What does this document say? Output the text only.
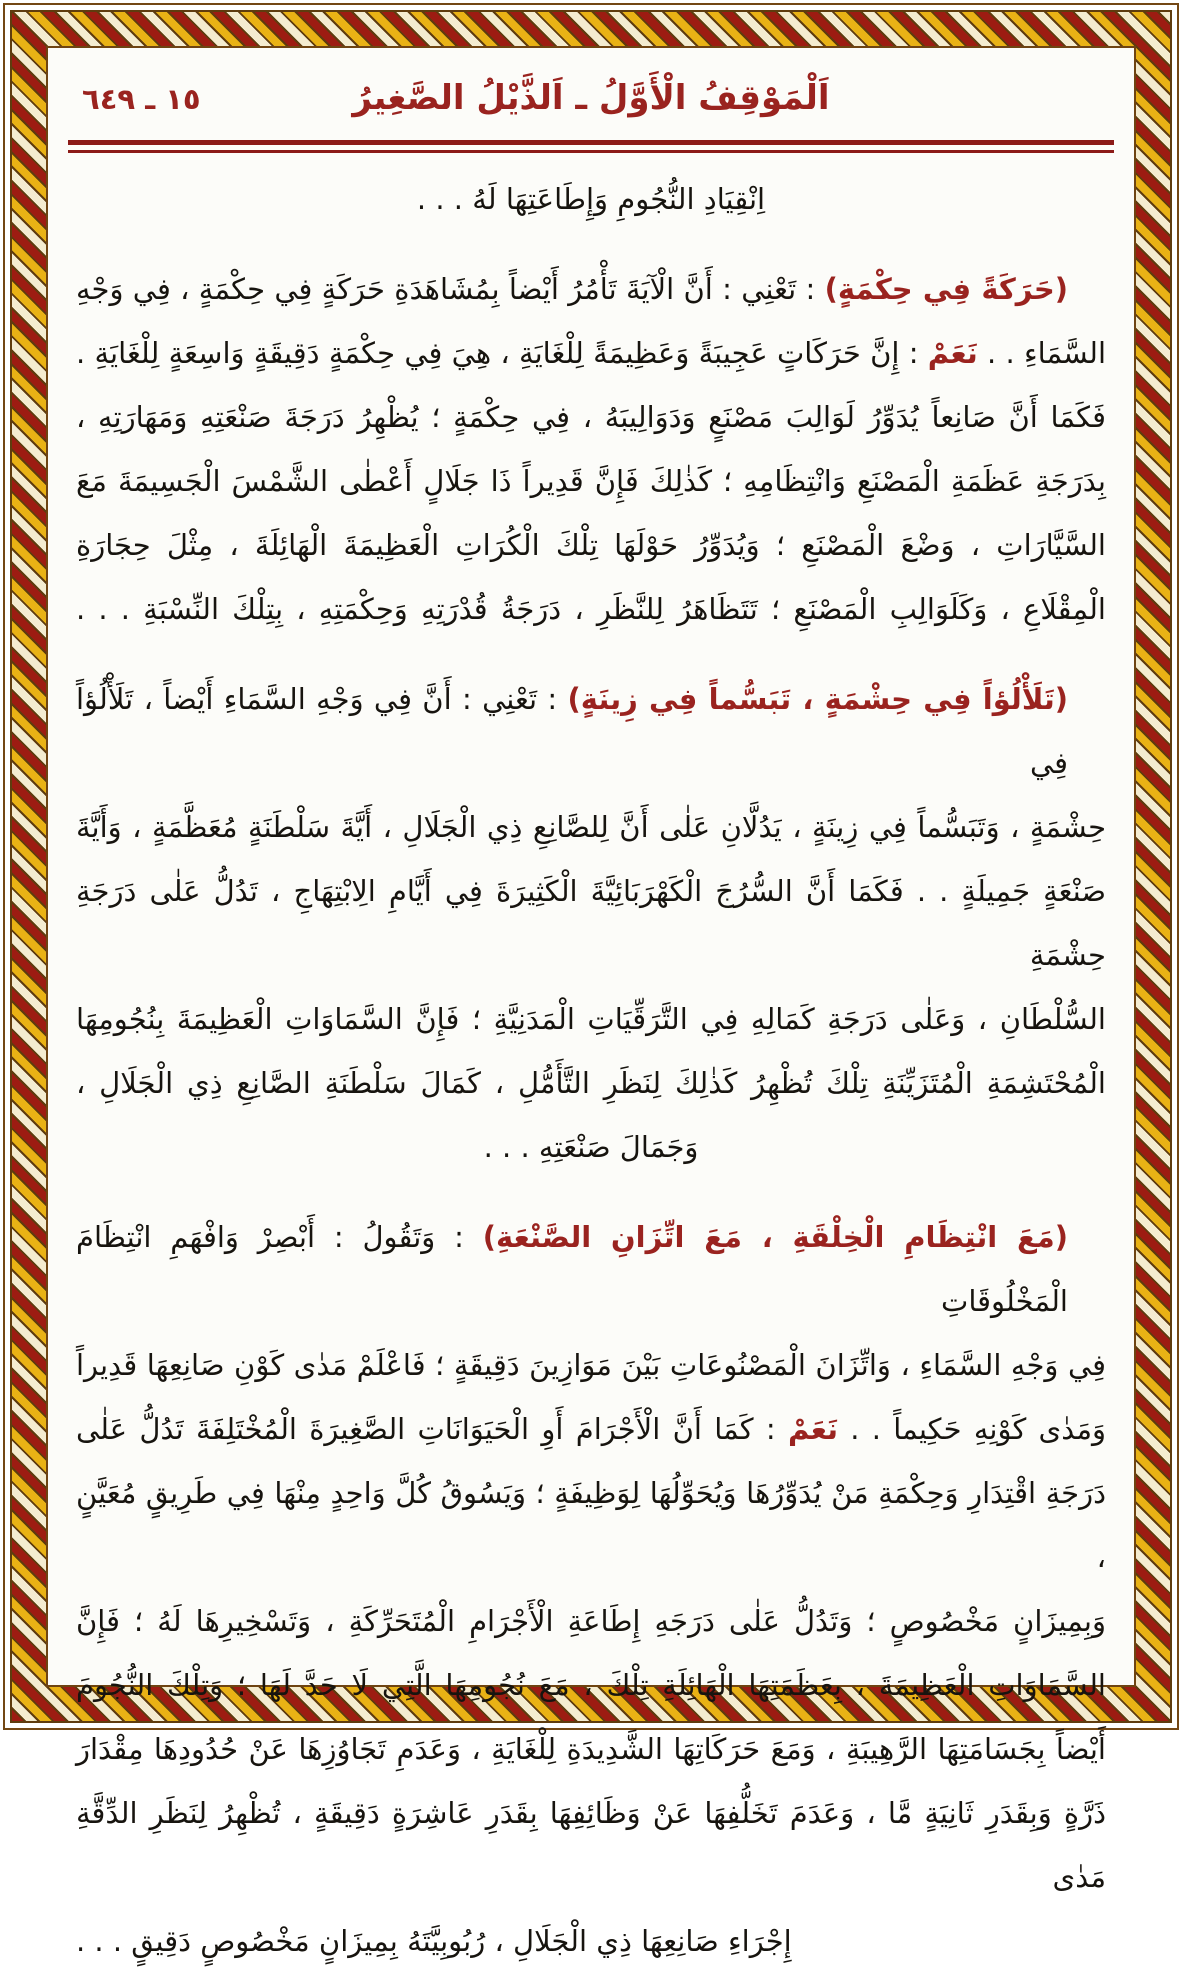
١٥ ـ ٦٤٩	اَلْمَوْقِفُ الْأَوَّلُ ـ اَلذَّيْلُ الصَّغِيرُ
اِنْقِيَادِ النُّجُومِ وَإِطَاعَتِهَا لَهُ . . .
(حَرَكَةً فِي حِكْمَةٍ) : تَعْنِي : أَنَّ الْآيَةَ تَأْمُرُ أَيْضاً بِمُشَاهَدَةِ حَرَكَةٍ فِي حِكْمَةٍ ، فِي وَجْهِ
السَّمَاءِ . . نَعَمْ : إِنَّ حَرَكَاتٍ عَجِيبَةً وَعَظِيمَةً لِلْغَايَةِ ، هِيَ فِي حِكْمَةٍ دَقِيقَةٍ وَاسِعَةٍ لِلْغَايَةِ .
فَكَمَا أَنَّ صَانِعاً يُدَوِّرُ لَوَالِبَ مَصْنَعٍ وَدَوَالِيبَهُ ، فِي حِكْمَةٍ ؛ يُظْهِرُ دَرَجَةَ صَنْعَتِهِ وَمَهَارَتِهِ ،
بِدَرَجَةِ عَظَمَةِ الْمَصْنَعِ وَانْتِظَامِهِ ؛ كَذٰلِكَ فَإِنَّ قَدِيراً ذَا جَلَالٍ أَعْطٰى الشَّمْسَ الْجَسِيمَةَ مَعَ
السَّيَّارَاتِ ، وَضْعَ الْمَصْنَعِ ؛ وَيُدَوِّرُ حَوْلَهَا تِلْكَ الْكُرَاتِ الْعَظِيمَةَ الْهَائِلَةَ ، مِثْلَ حِجَارَةِ
الْمِقْلَاعِ ، وَكَلَوَالِبِ الْمَصْنَعِ ؛ تَتَظَاهَرُ لِلنَّظَرِ ، دَرَجَةُ قُدْرَتِهِ وَحِكْمَتِهِ ، بِتِلْكَ النِّسْبَةِ . . .
(تَلَأْلُؤاً فِي حِشْمَةٍ ، تَبَسُّماً فِي زِينَةٍ) : تَعْنِي : أَنَّ فِي وَجْهِ السَّمَاءِ أَيْضاً ، تَلَأْلُؤاً فِي
حِشْمَةٍ ، وَتَبَسُّماً فِي زِينَةٍ ، يَدُلَّانِ عَلٰى أَنَّ لِلصَّانِعِ ذِي الْجَلَالِ ، أَيَّةَ سَلْطَنَةٍ مُعَظَّمَةٍ ، وَأَيَّةَ
صَنْعَةٍ جَمِيلَةٍ . . فَكَمَا أَنَّ السُّرُجَ الْكَهْرَبَائِيَّةَ الْكَثِيرَةَ فِي أَيَّامِ الِابْتِهَاجِ ، تَدُلُّ عَلٰى دَرَجَةِ حِشْمَةِ
السُّلْطَانِ ، وَعَلٰى دَرَجَةِ كَمَالِهِ فِي التَّرَقِّيَاتِ الْمَدَنِيَّةِ ؛ فَإِنَّ السَّمَاوَاتِ الْعَظِيمَةَ بِنُجُومِهَا
الْمُحْتَشِمَةِ الْمُتَزَيِّنَةِ تِلْكَ تُظْهِرُ كَذٰلِكَ لِنَظَرِ التَّأَمُّلِ ، كَمَالَ سَلْطَنَةِ الصَّانِعِ ذِي الْجَلَالِ ،
وَجَمَالَ صَنْعَتِهِ . . .
(مَعَ انْتِظَامِ الْخِلْقَةِ ، مَعَ اتِّزَانِ الصَّنْعَةِ) : وَتَقُولُ : أَبْصِرْ وَافْهَمِ انْتِظَامَ الْمَخْلُوقَاتِ
فِي وَجْهِ السَّمَاءِ ، وَاتِّزَانَ الْمَصْنُوعَاتِ بَيْنَ مَوَازِينَ دَقِيقَةٍ ؛ فَاعْلَمْ مَدٰى كَوْنِ صَانِعِهَا قَدِيراً
وَمَدٰى كَوْنِهِ حَكِيماً . . نَعَمْ : كَمَا أَنَّ الْأَجْرَامَ أَوِ الْحَيَوَانَاتِ الصَّغِيرَةَ الْمُخْتَلِفَةَ تَدُلُّ عَلٰى
دَرَجَةِ اقْتِدَارِ وَحِكْمَةِ مَنْ يُدَوِّرُهَا وَيُحَوِّلُهَا لِوَظِيفَةٍ ؛ وَيَسُوقُ كُلَّ وَاحِدٍ مِنْهَا فِي طَرِيقٍ مُعَيَّنٍ ،
وَبِمِيزَانٍ مَخْصُوصٍ ؛ وَتَدُلُّ عَلٰى دَرَجَهِ إِطَاعَةِ الْأَجْرَامِ الْمُتَحَرِّكَةِ ، وَتَسْخِيرِهَا لَهُ ؛ فَإِنَّ
السَّمَاوَاتِ الْعَظِيمَةَ ، بِعَظَمَتِهَا الْهَائِلَةِ تِلْكَ ، مَعَ نُجُومِهَا الَّتِي لَا حَدَّ لَهَا ؛ وَتِلْكَ النُّجُومَ
أَيْضاً بِجَسَامَتِهَا الرَّهِيبَةِ ، وَمَعَ حَرَكَاتِهَا الشَّدِيدَةِ لِلْغَايَةِ ، وَعَدَمِ تَجَاوُزِهَا عَنْ حُدُودِهَا مِقْدَارَ
ذَرَّةٍ وَبِقَدَرِ ثَانِيَةٍ مَّا ، وَعَدَمَ تَخَلُّفِهَا عَنْ وَظَائِفِهَا بِقَدَرِ عَاشِرَةٍ دَقِيقَةٍ ، تُظْهِرُ لِنَظَرِ الدِّقَّةِ مَدٰى
إِجْرَاءِ صَانِعِهَا ذِي الْجَلَالِ ، رُبُوبِيَّتَهُ بِمِيزَانٍ مَخْصُوصٍ دَقِيقٍ . . .
